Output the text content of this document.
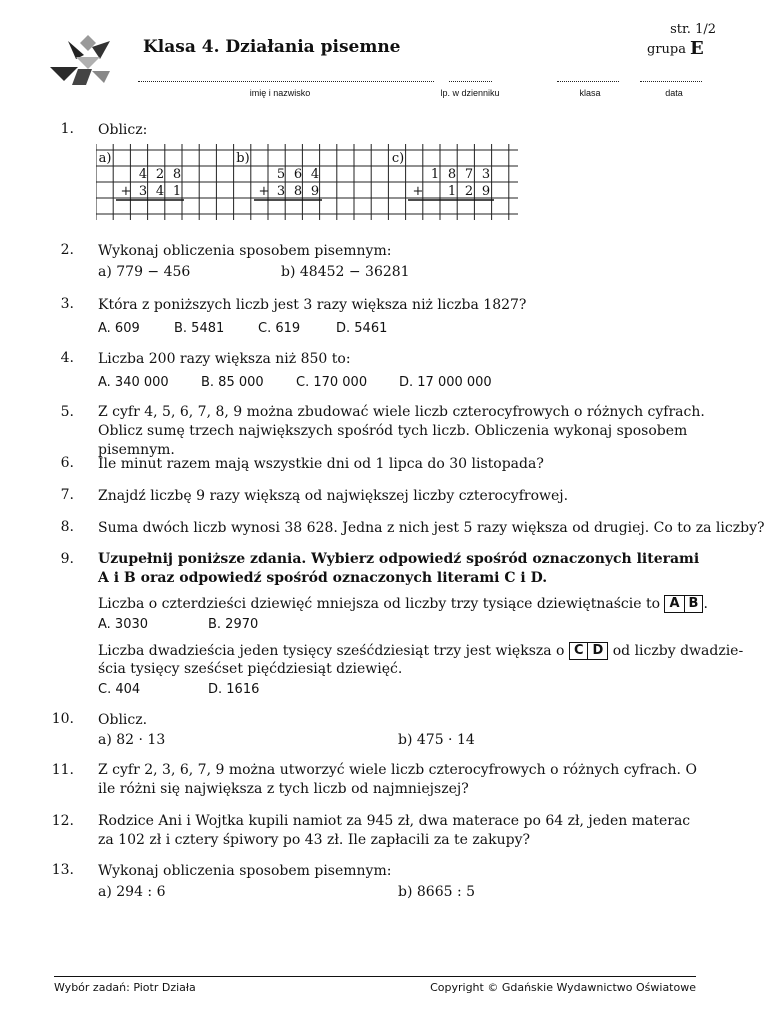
Klasa 4. Działania pisemne
str. 1/2
grupa E
imię i nazwisko	lp. w dzienniku	klasa	data
1. Oblicz:
a)
4 2 8
+ 3 4 1
b)
5 6 4
+ 3 8 9
c)
1 8 7 3
+ 1 2 9
2. Wykonaj obliczenia sposobem pisemnym:
a) 779 − 456	b) 48452 − 36281
3. Która z poniższych liczb jest 3 razy większa niż liczba 1827?
A. 609	B. 5481	C. 619	D. 5461
4. Liczba 200 razy większa niż 850 to:
A. 340 000 B. 85 000 C. 170 000 D. 17 000 000
5. Z cyfr 4, 5, 6, 7, 8, 9 można zbudować wiele liczb czterocyfrowych o różnych cyfrach. Oblicz sumę trzech największych spośród tych liczb. Obliczenia wykonaj sposobem pisemnym.
6. Ile minut razem mają wszystkie dni od 1 lipca do 30 listopada?
7. Znajdź liczbę 9 razy większą od największej liczby czterocyfrowej.
8. Suma dwóch liczb wynosi 38 628. Jedna z nich jest 5 razy większa od drugiej. Co to za liczby?
9. Uzupełnij poniższe zdania. Wybierz odpowiedź spośród oznaczonych literami A i B oraz odpowiedź spośród oznaczonych literami C i D.
Liczba o czterdzieści dziewięć mniejsza od liczby trzy tysiące dziewiętnaście to A B .
A. 3030	B. 2970
Liczba dwadzieścia jeden tysięcy sześćdziesiąt trzy jest większa o C D od liczby dwadzie-
ścia tysięcy sześćset pięćdziesiąt dziewięć.
C. 404	D. 1616
10. Oblicz.
a) 82 · 13	b) 475 · 14
11. Z cyfr 2, 3, 6, 7, 9 można utworzyć wiele liczb czterocyfrowych o różnych cyfrach. O ile różni się największa z tych liczb od najmniejszej?
12. Rodzice Ani i Wojtka kupili namiot za 945 zł, dwa materace po 64 zł, jeden materac za 102 zł i cztery śpiwory po 43 zł. Ile zapłacili za te zakupy?
13. Wykonaj obliczenia sposobem pisemnym:
a) 294 : 6	b) 8665 : 5
Wybór zadań: Piotr Działa	Copyright © Gdańskie Wydawnictwo Oświatowe
